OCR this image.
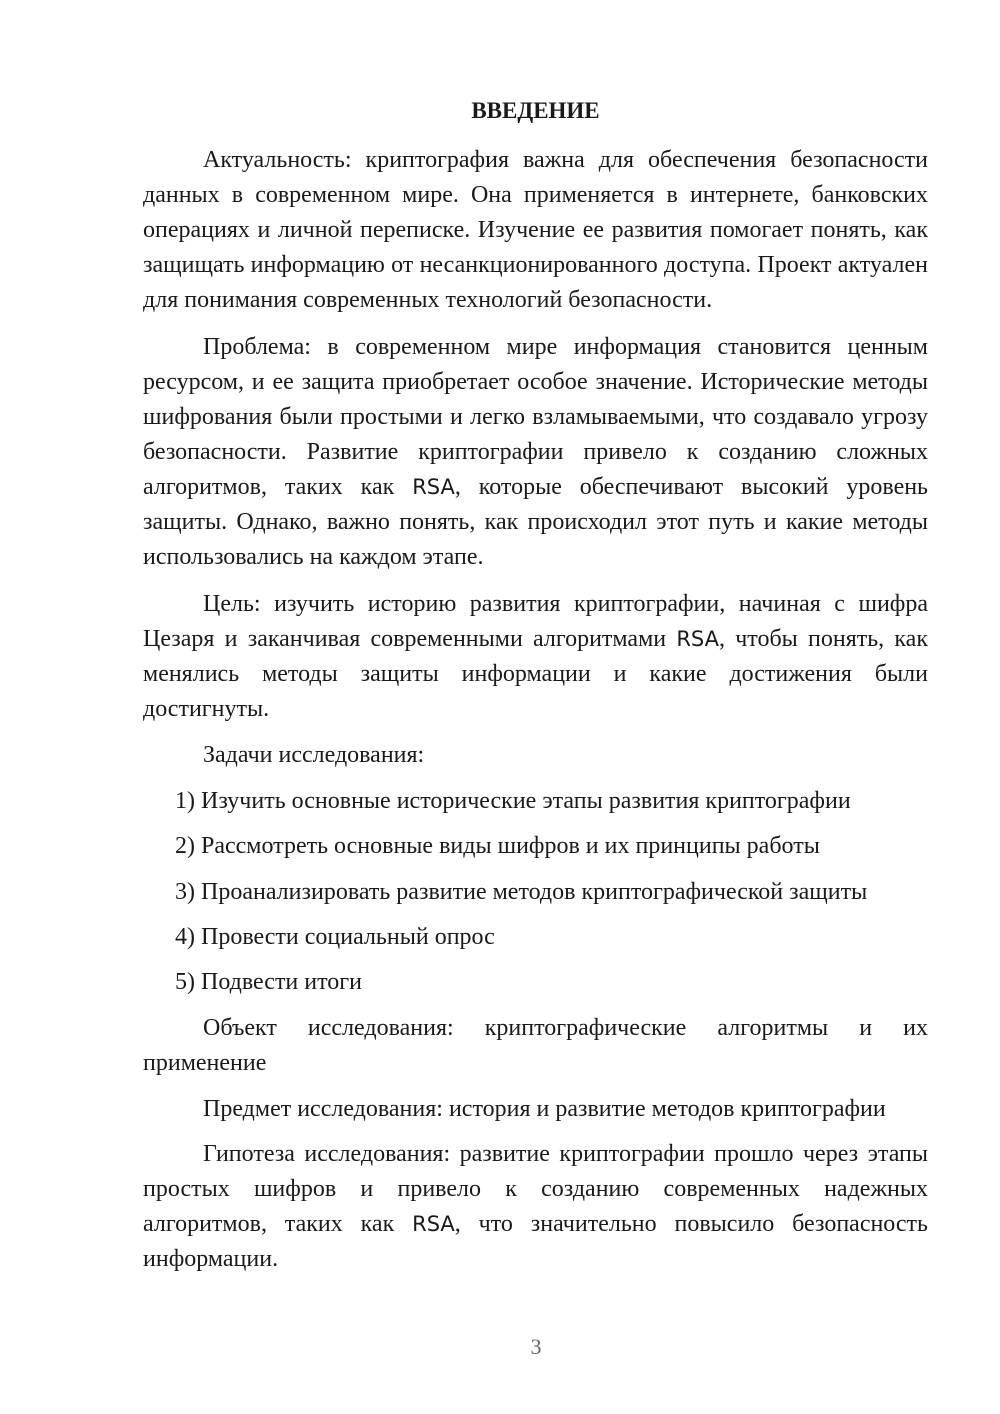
ВВЕДЕНИЕ

Актуальность: криптография важна для обеспечения безопасности данных в современном мире. Она применяется в интернете, банковских операциях и личной переписке. Изучение ее развития помогает понять, как защищать информацию от несанкционированного доступа. Проект актуален для понимания современных технологий безопасности.

Проблема: в современном мире информация становится ценным ресурсом, и ее защита приобретает особое значение. Исторические методы шифрования были простыми и легко взламываемыми, что создавало угрозу безопасности. Развитие криптографии привело к созданию сложных алгоритмов, таких как RSA, которые обеспечивают высокий уровень защиты. Однако, важно понять, как происходил этот путь и какие методы использовались на каждом этапе.

Цель: изучить историю развития криптографии, начиная с шифра Цезаря и заканчивая современными алгоритмами RSA, чтобы понять, как менялись методы защиты информации и какие достижения были достигнуты.

Задачи исследования:

1) Изучить основные исторические этапы развития криптографии

2) Рассмотреть основные виды шифров и их принципы работы

3) Проанализировать развитие методов криптографической защиты

4) Провести социальный опрос

5) Подвести итоги

Объект исследования: криптографические алгоритмы и их применение

Предмет исследования: история и развитие методов криптографии

Гипотеза исследования: развитие криптографии прошло через этапы простых шифров и привело к созданию современных надежных алгоритмов, таких как RSA, что значительно повысило безопасность информации.

3
